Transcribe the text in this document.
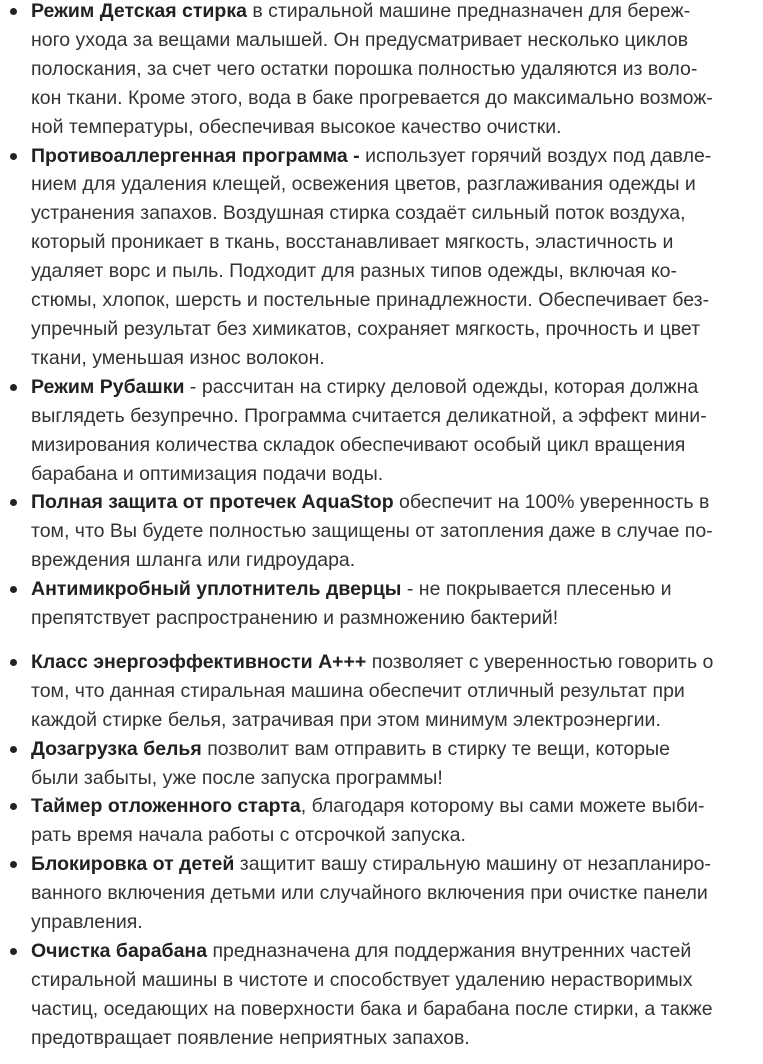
Режим Детская стирка в стиральной машине предназначен для береж-
ного ухода за вещами малышей. Он предусматривает несколько циклов
полоскания, за счет чего остатки порошка полностью удаляются из воло-
кон ткани. Кроме этого, вода в баке прогревается до максимально возмож-
ной температуры, обеспечивая высокое качество очистки.
Противоаллергенная программа - использует горячий воздух под давле-
нием для удаления клещей, освежения цветов, разглаживания одежды и
устранения запахов. Воздушная стирка создаёт сильный поток воздуха,
который проникает в ткань, восстанавливает мягкость, эластичность и
удаляет ворс и пыль. Подходит для разных типов одежды, включая ко-
стюмы, хлопок, шерсть и постельные принадлежности. Обеспечивает без-
упречный результат без химикатов, сохраняет мягкость, прочность и цвет
ткани, уменьшая износ волокон.
Режим Рубашки - рассчитан на стирку деловой одежды, которая должна
выглядеть безупречно. Программа считается деликатной, а эффект мини-
мизирования количества складок обеспечивают особый цикл вращения
барабана и оптимизация подачи воды.
Полная защита от протечек AquaStop обеспечит на 100% уверенность в
том, что Вы будете полностью защищены от затопления даже в случае по-
вреждения шланга или гидроудара.
Антимикробный уплотнитель дверцы - не покрывается плесенью и
препятствует распространению и размножению бактерий!
Класс энергоэффективности А+++ позволяет с уверенностью говорить о
том, что данная стиральная машина обеспечит отличный результат при
каждой стирке белья, затрачивая при этом минимум электроэнергии.
Дозагрузка белья позволит вам отправить в стирку те вещи, которые
были забыты, уже после запуска программы!
Таймер отложенного старта, благодаря которому вы сами можете выби-
рать время начала работы с отсрочкой запуска.
Блокировка от детей защитит вашу стиральную машину от незапланиро-
ванного включения детьми или случайного включения при очистке панели
управления.
Очистка барабана предназначена для поддержания внутренних частей
стиральной машины в чистоте и способствует удалению нерастворимых
частиц, оседающих на поверхности бака и барабана после стирки, а также
предотвращает появление неприятных запахов.
